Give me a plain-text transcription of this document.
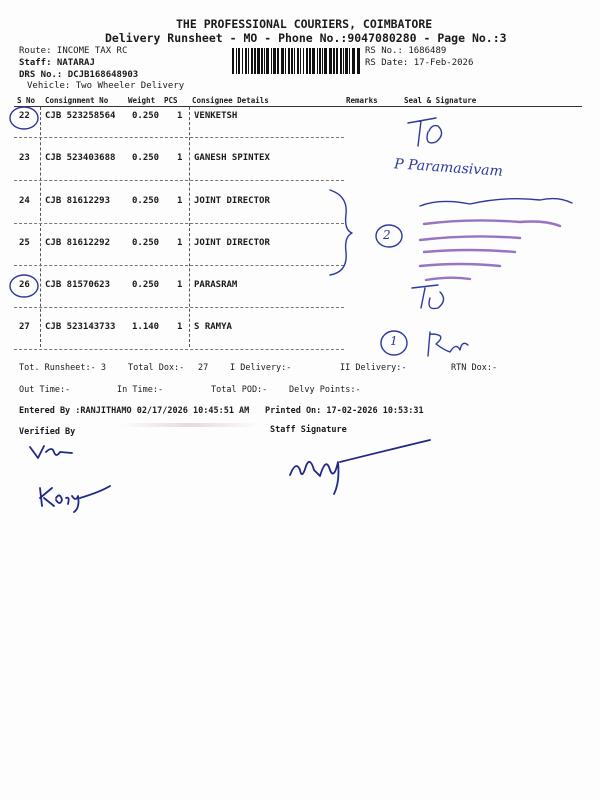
THE PROFESSIONAL COURIERS, COIMBATORE
Delivery Runsheet - MO - Phone No.:9047080280 - Page No.:3
Route: INCOME TAX RC
Staff: NATARAJ
DRS No.: DCJB168648903
Vehicle: Two Wheeler Delivery
RS No.: 1686489
RS Date: 17-Feb-2026
S No Consignment No	Weight PCS Consignee Details	Remarks	Seal & Signature
22 CJB 523258564 0.250 1 VENKETSH
23 CJB 523403688 0.250 1 GANESH SPINTEX
24 CJB 81612293 0.250 1 JOINT DIRECTOR
25 CJB 81612292 0.250 1 JOINT DIRECTOR
26 CJB 81570623 0.250 1 PARASRAM
27 CJB 523143733 1.140 1 S RAMYA
Tot. Runsheet:- 3	Total Dox:- 27	I Delivery:-	II Delivery:-	RTN Dox:-
Out Time:-	In Time:-	Total POD:-	Delvy Points:-
Entered By :RANJITHAMO 02/17/2026 10:45:51 AM Printed On: 17-02-2026 10:53:31
Verified By	Staff Signature
P Paramasivam
2
1
